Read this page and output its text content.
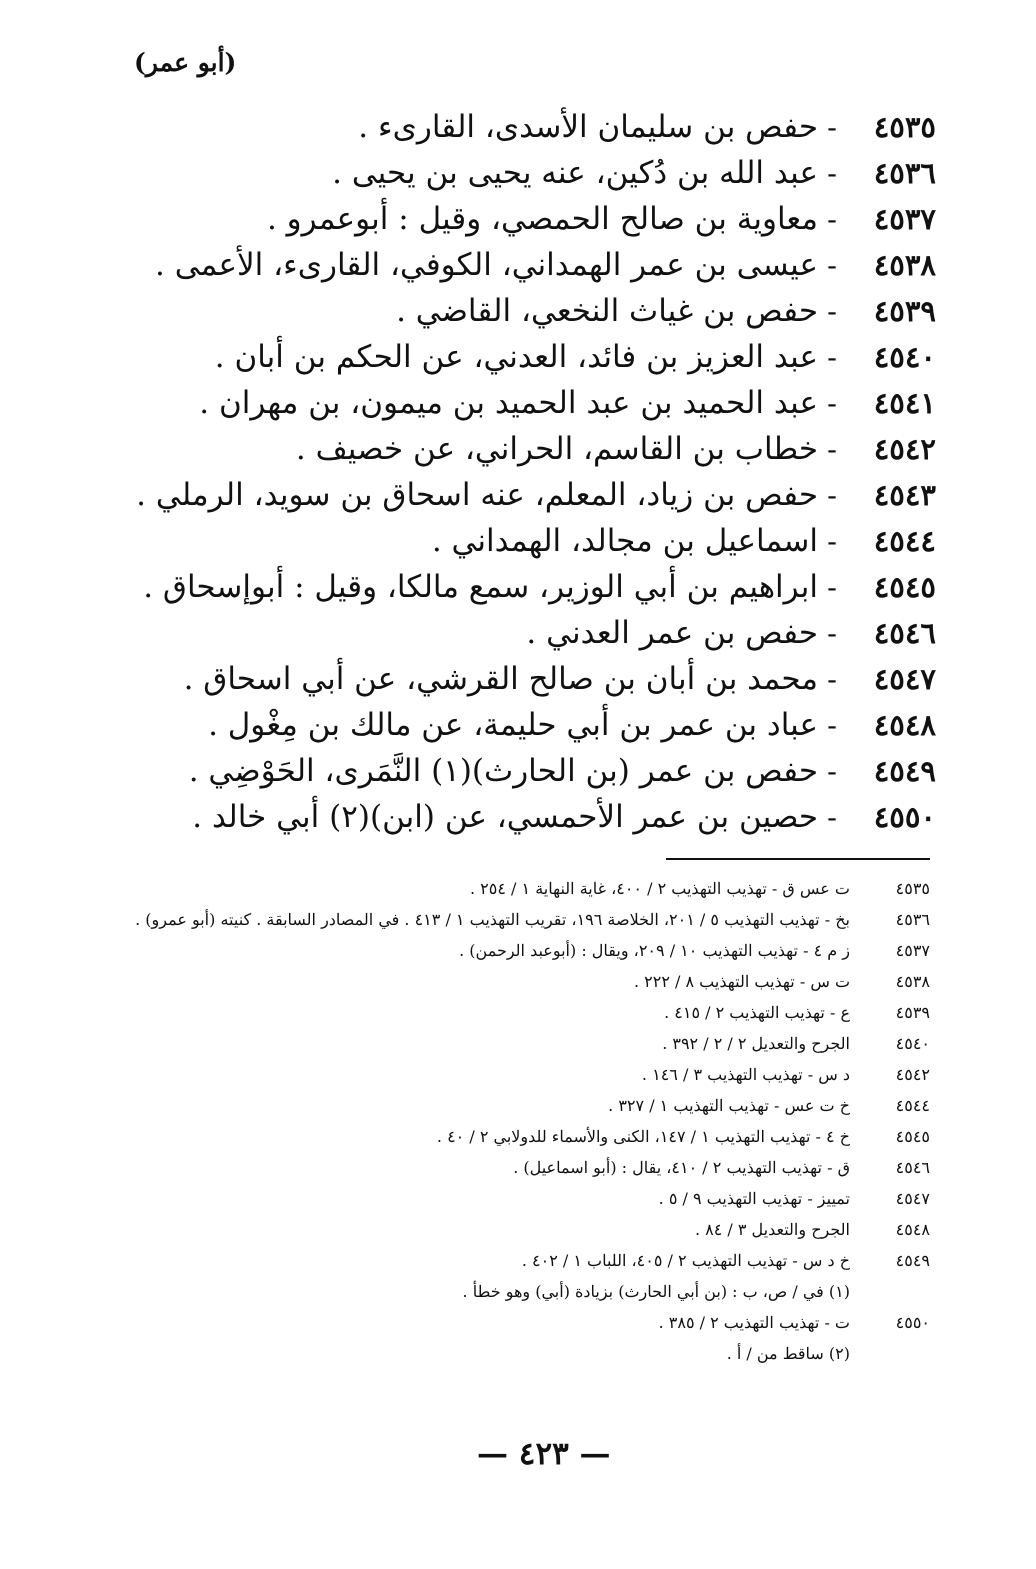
(أبو عمر)
٤٥٣٥
-
حفص بن سليمان الأسدى، القارىء .
٤٥٣٦
-
عبد الله بن دُكين، عنه يحيى بن يحيى .
٤٥٣٧
-
معاوية بن صالح الحمصي، وقيل : أبوعمرو .
٤٥٣٨
-
عيسى بن عمر الهمداني، الكوفي، القارىء، الأعمى .
٤٥٣٩
-
حفص بن غياث النخعي، القاضي .
٤٥٤٠
-
عبد العزيز بن فائد، العدني، عن الحكم بن أبان .
٤٥٤١
-
عبد الحميد بن عبد الحميد بن ميمون، بن مهران .
٤٥٤٢
-
خطاب بن القاسم، الحراني، عن خصيف .
٤٥٤٣
-
حفص بن زياد، المعلم، عنه اسحاق بن سويد، الرملي .
٤٥٤٤
-
اسماعيل بن مجالد، الهمداني .
٤٥٤٥
-
ابراهيم بن أبي الوزير، سمع مالكا، وقيل : أبوإسحاق .
٤٥٤٦
-
حفص بن عمر العدني .
٤٥٤٧
-
محمد بن أبان بن صالح القرشي، عن أبي اسحاق .
٤٥٤٨
-
عباد بن عمر بن أبي حليمة، عن مالك بن مِغْول .
٤٥٤٩
-
حفص بن عمر (بن الحارث)(١) النَّمَرى، الحَوْضِي .
٤٥٥٠
-
حصين بن عمر الأحمسي، عن (ابن)(٢) أبي خالد .
٤٥٣٥
ت عس ق - تهذيب التهذيب ٢ / ٤٠٠، غاية النهاية ١ / ٢٥٤ .
٤٥٣٦
بخ - تهذيب التهذيب ٥ / ٢٠١، الخلاصة ١٩٦، تقريب التهذيب ١ / ٤١٣ . في المصادر السابقة . كنيته (أبو عمرو) .
٤٥٣٧
ز م ٤ - تهذيب التهذيب ١٠ / ٢٠٩، ويقال : (أبوعبد الرحمن) .
٤٥٣٨
ت س - تهذيب التهذيب ٨ / ٢٢٢ .
٤٥٣٩
ع - تهذيب التهذيب ٢ / ٤١٥ .
٤٥٤٠
الجرح والتعديل ٢ / ٢ / ٣٩٢ .
٤٥٤٢
د س - تهذيب التهذيب ٣ / ١٤٦ .
٤٥٤٤
خ ت عس - تهذيب التهذيب ١ / ٣٢٧ .
٤٥٤٥
خ ٤ - تهذيب التهذيب ١ / ١٤٧، الكنى والأسماء للدولابي ٢ / ٤٠ .
٤٥٤٦
ق - تهذيب التهذيب ٢ / ٤١٠، يقال : (أبو اسماعيل) .
٤٥٤٧
تمييز - تهذيب التهذيب ٩ / ٥ .
٤٥٤٨
الجرح والتعديل ٣ / ٨٤ .
٤٥٤٩
خ د س - تهذيب التهذيب ٢ / ٤٠٥، اللباب ١ / ٤٠٢ .
(١) في / ص، ب : (بن أبي الحارث) بزيادة (أبي) وهو خطأ .
٤٥٥٠
ت - تهذيب التهذيب ٢ / ٣٨٥ .
(٢) ساقط من / أ .
— ٤٢٣ —
